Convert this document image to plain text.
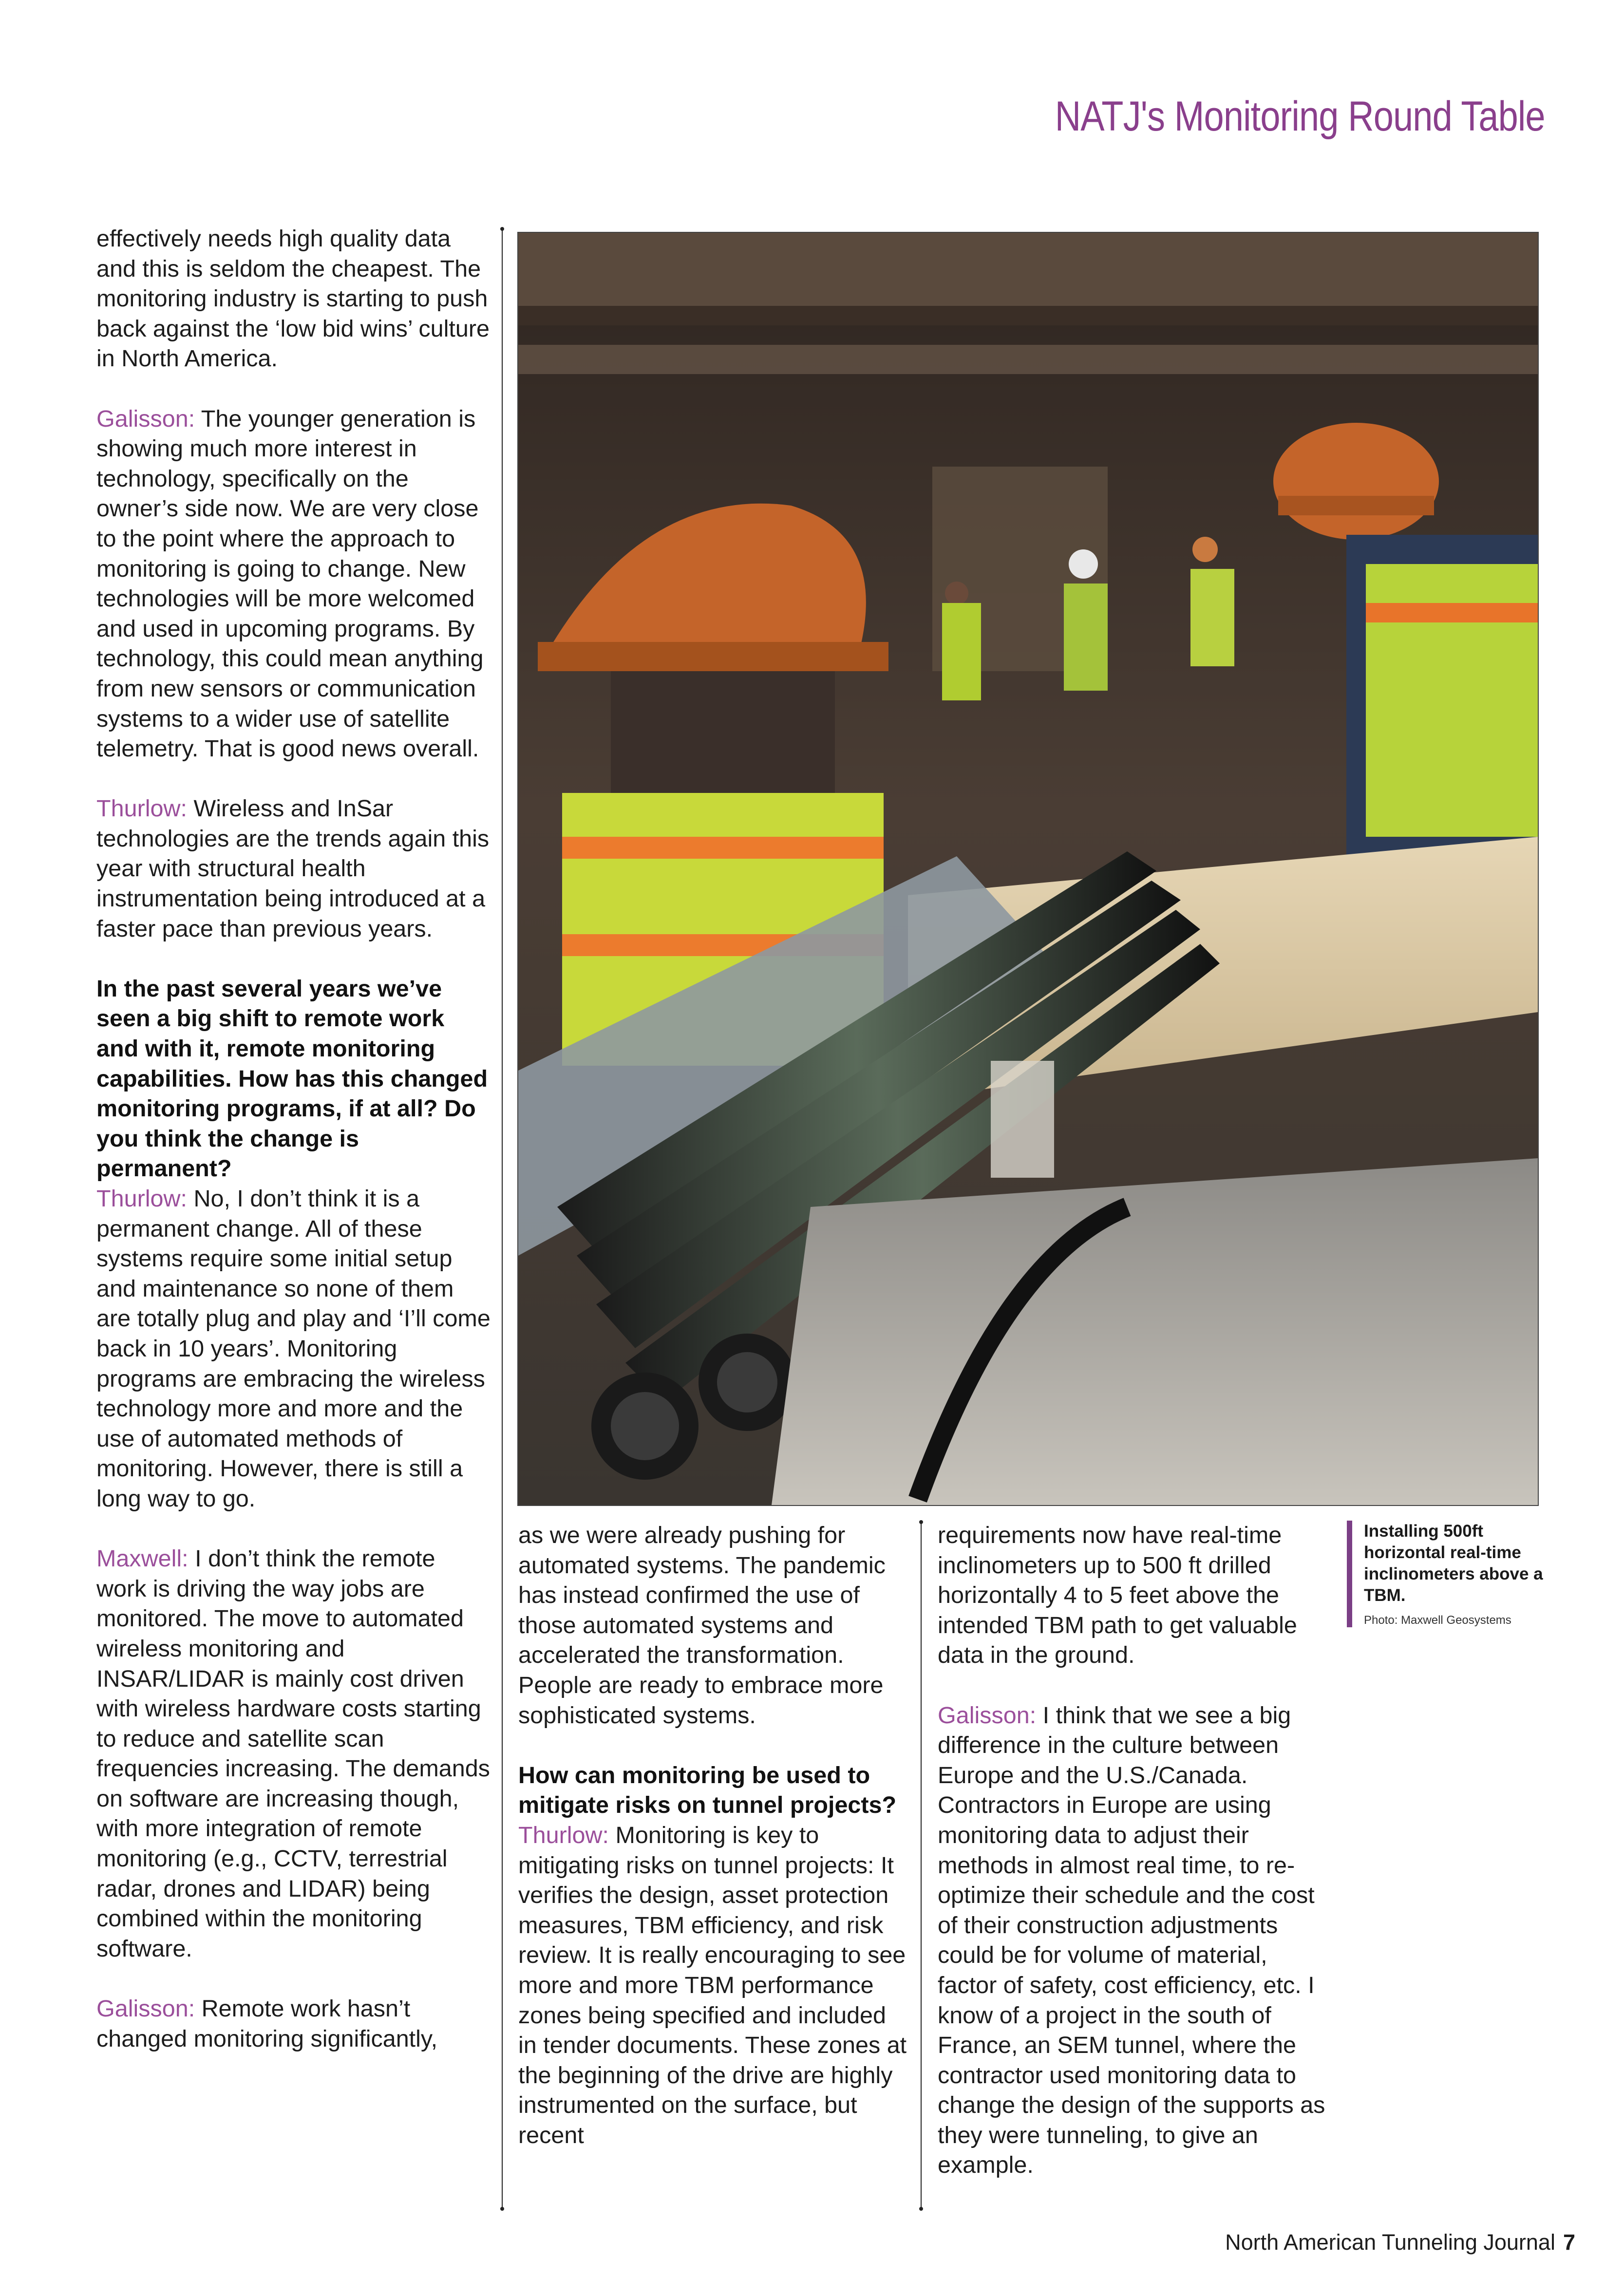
NATJ's Monitoring Round Table

effectively needs high quality data and this is seldom the cheapest. The monitoring industry is starting to push back against the ‘low bid wins’ culture in North America.

Galisson: The younger generation is showing much more interest in technology, specifically on the owner’s side now. We are very close to the point where the approach to monitoring is going to change. New technologies will be more welcomed and used in upcoming programs. By technology, this could mean anything from new sensors or communication systems to a wider use of satellite telemetry. That is good news overall.

Thurlow: Wireless and InSar technologies are the trends again this year with structural health instrumentation being introduced at a faster pace than previous years.

In the past several years we’ve seen a big shift to remote work and with it, remote monitoring capabilities. How has this changed monitoring programs, if at all? Do you think the change is permanent?

Thurlow: No, I don’t think it is a permanent change. All of these systems require some initial setup and maintenance so none of them are totally plug and play and ‘I’ll come back in 10 years’. Monitoring programs are embracing the wireless technology more and more and the use of automated methods of monitoring. However, there is still a long way to go.

Maxwell: I don’t think the remote work is driving the way jobs are monitored. The move to automated wireless monitoring and INSAR/LIDAR is mainly cost driven with wireless hardware costs starting to reduce and satellite scan frequencies increasing. The demands on software are increasing though, with more integration of remote monitoring (e.g., CCTV, terrestrial radar, drones and LIDAR) being combined within the monitoring software.

Galisson: Remote work hasn’t changed monitoring significantly,

as we were already pushing for automated systems. The pandemic has instead confirmed the use of those automated systems and accelerated the transformation. People are ready to embrace more sophisticated systems.

How can monitoring be used to mitigate risks on tunnel projects?

Thurlow: Monitoring is key to mitigating risks on tunnel projects: It verifies the design, asset protection measures, TBM efficiency, and risk review. It is really encouraging to see more and more TBM performance zones being specified and included in tender documents. These zones at the beginning of the drive are highly instrumented on the surface, but recent

requirements now have real-time inclinometers up to 500 ft drilled horizontally 4 to 5 feet above the intended TBM path to get valuable data in the ground.

Galisson: I think that we see a big difference in the culture between Europe and the U.S./Canada. Contractors in Europe are using monitoring data to adjust their methods in almost real time, to re-optimize their schedule and the cost of their construction adjustments could be for volume of material, factor of safety, cost efficiency, etc. I know of a project in the south of France, an SEM tunnel, where the contractor used monitoring data to change the design of the supports as they were tunneling, to give an example.

Installing 500ft horizontal real-time inclinometers above a TBM.

Photo: Maxwell Geosystems

North American Tunneling Journal 7
